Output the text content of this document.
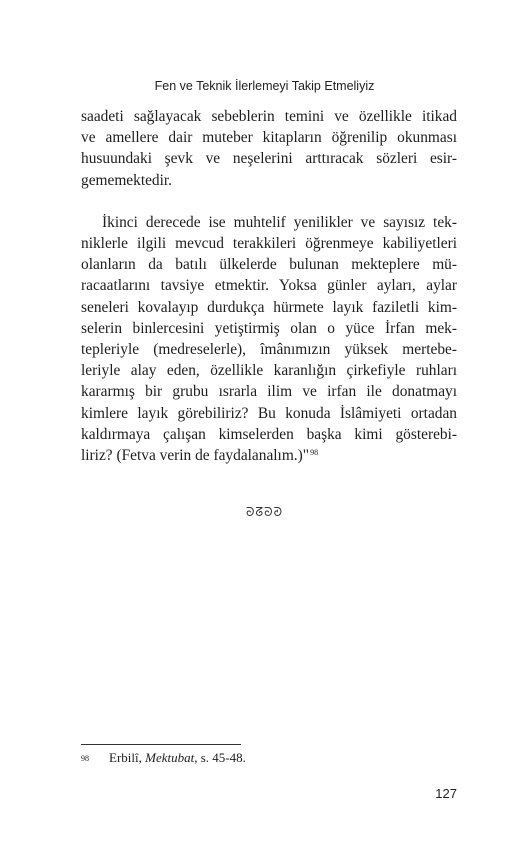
Fen ve Teknik İlerlemeyi Takip Etmeliyiz
saadeti sağlayacak sebeblerin temini ve özellikle itikad
ve amellere dair muteber kitapların öğrenilip okunması
husuundaki şevk ve neşelerini arttıracak sözleri esir-
gememektedir.
İkinci derecede ise muhtelif yenilikler ve sayısız tek-
niklerle ilgili mevcud terakkileri öğrenmeye kabiliyetleri
olanların da batılı ülkelerde bulunan mekteplere mü-
racaatlarını tavsiye etmektir. Yoksa günler ayları, aylar
seneleri kovalayıp durdukça hürmete layık faziletli kim-
selerin binlercesini yetiştirmiş olan o yüce İrfan mek-
tepleriyle (medreselerle), îmânımızın yüksek mertebe-
leriyle alay eden, özellikle karanlığın çirkefiyle ruhları
kararmış bir grubu ısrarla ilim ve irfan ile donatmayı
kimlere layık görebiliriz? Bu konuda İslâmiyeti ortadan
kaldırmaya çalışan kimselerden başka kimi gösterebi-
liriz? (Fetva verin de faydalanalım.)"$^{98}$
ᘐᘔᘐᘑ
98 Erbilî, Mektubat, s. 45-48.
127
